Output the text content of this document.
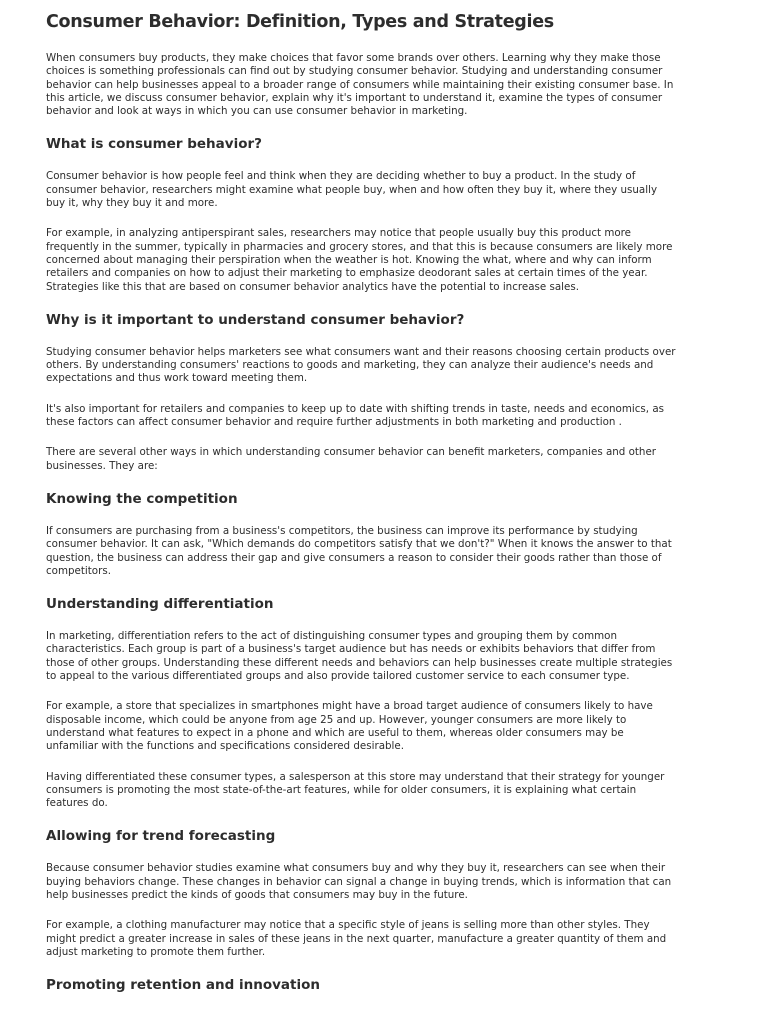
Consumer Behavior: Definition, Types and Strategies

When consumers buy products, they make choices that favor some brands over others. Learning why they make those choices is something professionals can find out by studying consumer behavior. Studying and understanding consumer behavior can help businesses appeal to a broader range of consumers while maintaining their existing consumer base. In this article, we discuss consumer behavior, explain why it's important to understand it, examine the types of consumer behavior and look at ways in which you can use consumer behavior in marketing.

What is consumer behavior?

Consumer behavior is how people feel and think when they are deciding whether to buy a product. In the study of consumer behavior, researchers might examine what people buy, when and how often they buy it, where they usually buy it, why they buy it and more.

For example, in analyzing antiperspirant sales, researchers may notice that people usually buy this product more frequently in the summer, typically in pharmacies and grocery stores, and that this is because consumers are likely more concerned about managing their perspiration when the weather is hot. Knowing the what, where and why can inform retailers and companies on how to adjust their marketing to emphasize deodorant sales at certain times of the year. Strategies like this that are based on consumer behavior analytics have the potential to increase sales.

Why is it important to understand consumer behavior?

Studying consumer behavior helps marketers see what consumers want and their reasons choosing certain products over others. By understanding consumers' reactions to goods and marketing, they can analyze their audience's needs and expectations and thus work toward meeting them.

It's also important for retailers and companies to keep up to date with shifting trends in taste, needs and economics, as these factors can affect consumer behavior and require further adjustments in both marketing and production .

There are several other ways in which understanding consumer behavior can benefit marketers, companies and other businesses. They are:

Knowing the competition

If consumers are purchasing from a business's competitors, the business can improve its performance by studying consumer behavior. It can ask, "Which demands do competitors satisfy that we don't?" When it knows the answer to that question, the business can address their gap and give consumers a reason to consider their goods rather than those of competitors.

Understanding differentiation

In marketing, differentiation refers to the act of distinguishing consumer types and grouping them by common characteristics. Each group is part of a business's target audience but has needs or exhibits behaviors that differ from those of other groups. Understanding these different needs and behaviors can help businesses create multiple strategies to appeal to the various differentiated groups and also provide tailored customer service to each consumer type.

For example, a store that specializes in smartphones might have a broad target audience of consumers likely to have disposable income, which could be anyone from age 25 and up. However, younger consumers are more likely to understand what features to expect in a phone and which are useful to them, whereas older consumers may be unfamiliar with the functions and specifications considered desirable.

Having differentiated these consumer types, a salesperson at this store may understand that their strategy for younger consumers is promoting the most state-of-the-art features, while for older consumers, it is explaining what certain features do.

Allowing for trend forecasting

Because consumer behavior studies examine what consumers buy and why they buy it, researchers can see when their buying behaviors change. These changes in behavior can signal a change in buying trends, which is information that can help businesses predict the kinds of goods that consumers may buy in the future.

For example, a clothing manufacturer may notice that a specific style of jeans is selling more than other styles. They might predict a greater increase in sales of these jeans in the next quarter, manufacture a greater quantity of them and adjust marketing to promote them further.

Promoting retention and innovation
